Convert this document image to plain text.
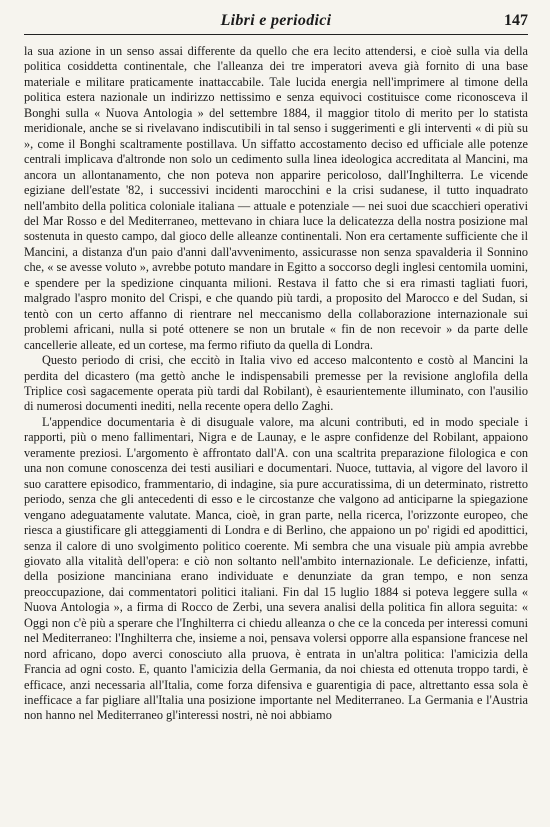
Libri e periodici	147

la sua azione in un senso assai differente da quello che era lecito attendersi, e cioè sulla via della politica cosiddetta continentale, che l'alleanza dei tre imperatori aveva già fornito di una base materiale e militare praticamente inattaccabile. Tale lucida energia nell'imprimere al timone della politica estera nazionale un indirizzo nettissimo e senza equivoci costituisce come riconosceva il Bonghi sulla « Nuova Antologia » del settembre 1884, il maggior titolo di merito per lo statista meridionale, anche se si rivelavano indiscutibili in tal senso i suggerimenti e gli interventi « di più su », come il Bonghi scaltramente postillava. Un siffatto accostamento deciso ed ufficiale alle potenze centrali implicava d'altronde non solo un cedimento sulla linea ideologica accreditata al Mancini, ma ancora un allontanamento, che non poteva non apparire pericoloso, dall'Inghilterra. Le vicende egiziane dell'estate '82, i successivi incidenti marocchini e la crisi sudanese, il tutto inquadrato nell'ambito della politica coloniale italiana — attuale e potenziale — nei suoi due scacchieri operativi del Mar Rosso e del Mediterraneo, mettevano in chiara luce la delicatezza della nostra posizione mal sostenuta in questo campo, dal gioco delle alleanze continentali. Non era certamente sufficiente che il Mancini, a distanza d'un paio d'anni dall'avvenimento, assicurasse non senza spavalderia il Sonnino che, « se avesse voluto », avrebbe potuto mandare in Egitto a soccorso degli inglesi centomila uomini, e spendere per la spedizione cinquanta milioni. Restava il fatto che si era rimasti tagliati fuori, malgrado l'aspro monito del Crispi, e che quando più tardi, a proposito del Marocco e del Sudan, si tentò con un certo affanno di rientrare nel meccanismo della collaborazione internazionale sui problemi africani, nulla si poté ottenere se non un brutale « fin de non recevoir » da parte delle cancellerie alleate, ed un cortese, ma fermo rifiuto da quella di Londra.

Questo periodo di crisi, che eccitò in Italia vivo ed acceso malcontento e costò al Mancini la perdita del dicastero (ma gettò anche le indispensabili premesse per la revisione anglofila della Triplice così sagacemente operata più tardi dal Robilant), è esaurientemente illuminato, con l'ausilio di numerosi documenti inediti, nella recente opera dello Zaghi.

L'appendice documentaria è di disuguale valore, ma alcuni contributi, ed in modo speciale i rapporti, più o meno fallimentari, Nigra e de Launay, e le aspre confidenze del Robilant, appaiono veramente preziosi. L'argomento è affrontato dall'A. con una scaltrita preparazione filologica e con una non comune conoscenza dei testi ausiliari e documentari. Nuoce, tuttavia, al vigore del lavoro il suo carattere episodico, frammentario, di indagine, sia pure accuratissima, di un determinato, ristretto periodo, senza che gli antecedenti di esso e le circostanze che valgono ad anticiparne la spiegazione vengano adeguatamente valutate. Manca, cioè, in gran parte, nella ricerca, l'orizzonte europeo, che riesca a giustificare gli atteggiamenti di Londra e di Berlino, che appaiono un po' rigidi ed apodittici, senza il calore di uno svolgimento politico coerente. Mi sembra che una visuale più ampia avrebbe giovato alla vitalità dell'opera: e ciò non soltanto nell'ambito internazionale. Le deficienze, infatti, della posizione manciniana erano individuate e denunziate da gran tempo, e non senza preoccupazione, dai commentatori politici italiani. Fin dal 15 luglio 1884 si poteva leggere sulla « Nuova Antologia », a firma di Rocco de Zerbi, una severa analisi della politica fin allora seguita: « Oggi non c'è più a sperare che l'Inghilterra ci chiedu alleanza o che ce la conceda per interessi comuni nel Mediterraneo: l'Inghilterra che, insieme a noi, pensava volersi opporre alla espansione francese nel nord africano, dopo averci conosciuto alla pruova, è entrata in un'altra politica: l'amicizia della Francia ad ogni costo. E, quanto l'amicizia della Germania, da noi chiesta ed ottenuta troppo tardi, è efficace, anzi necessaria all'Italia, come forza difensiva e guarentigia di pace, altrettanto essa sola è inefficace a far pigliare all'Italia una posizione importante nel Mediterraneo. La Germania e l'Austria non hanno nel Mediterraneo gl'interessi nostri, nè noi abbiamo
